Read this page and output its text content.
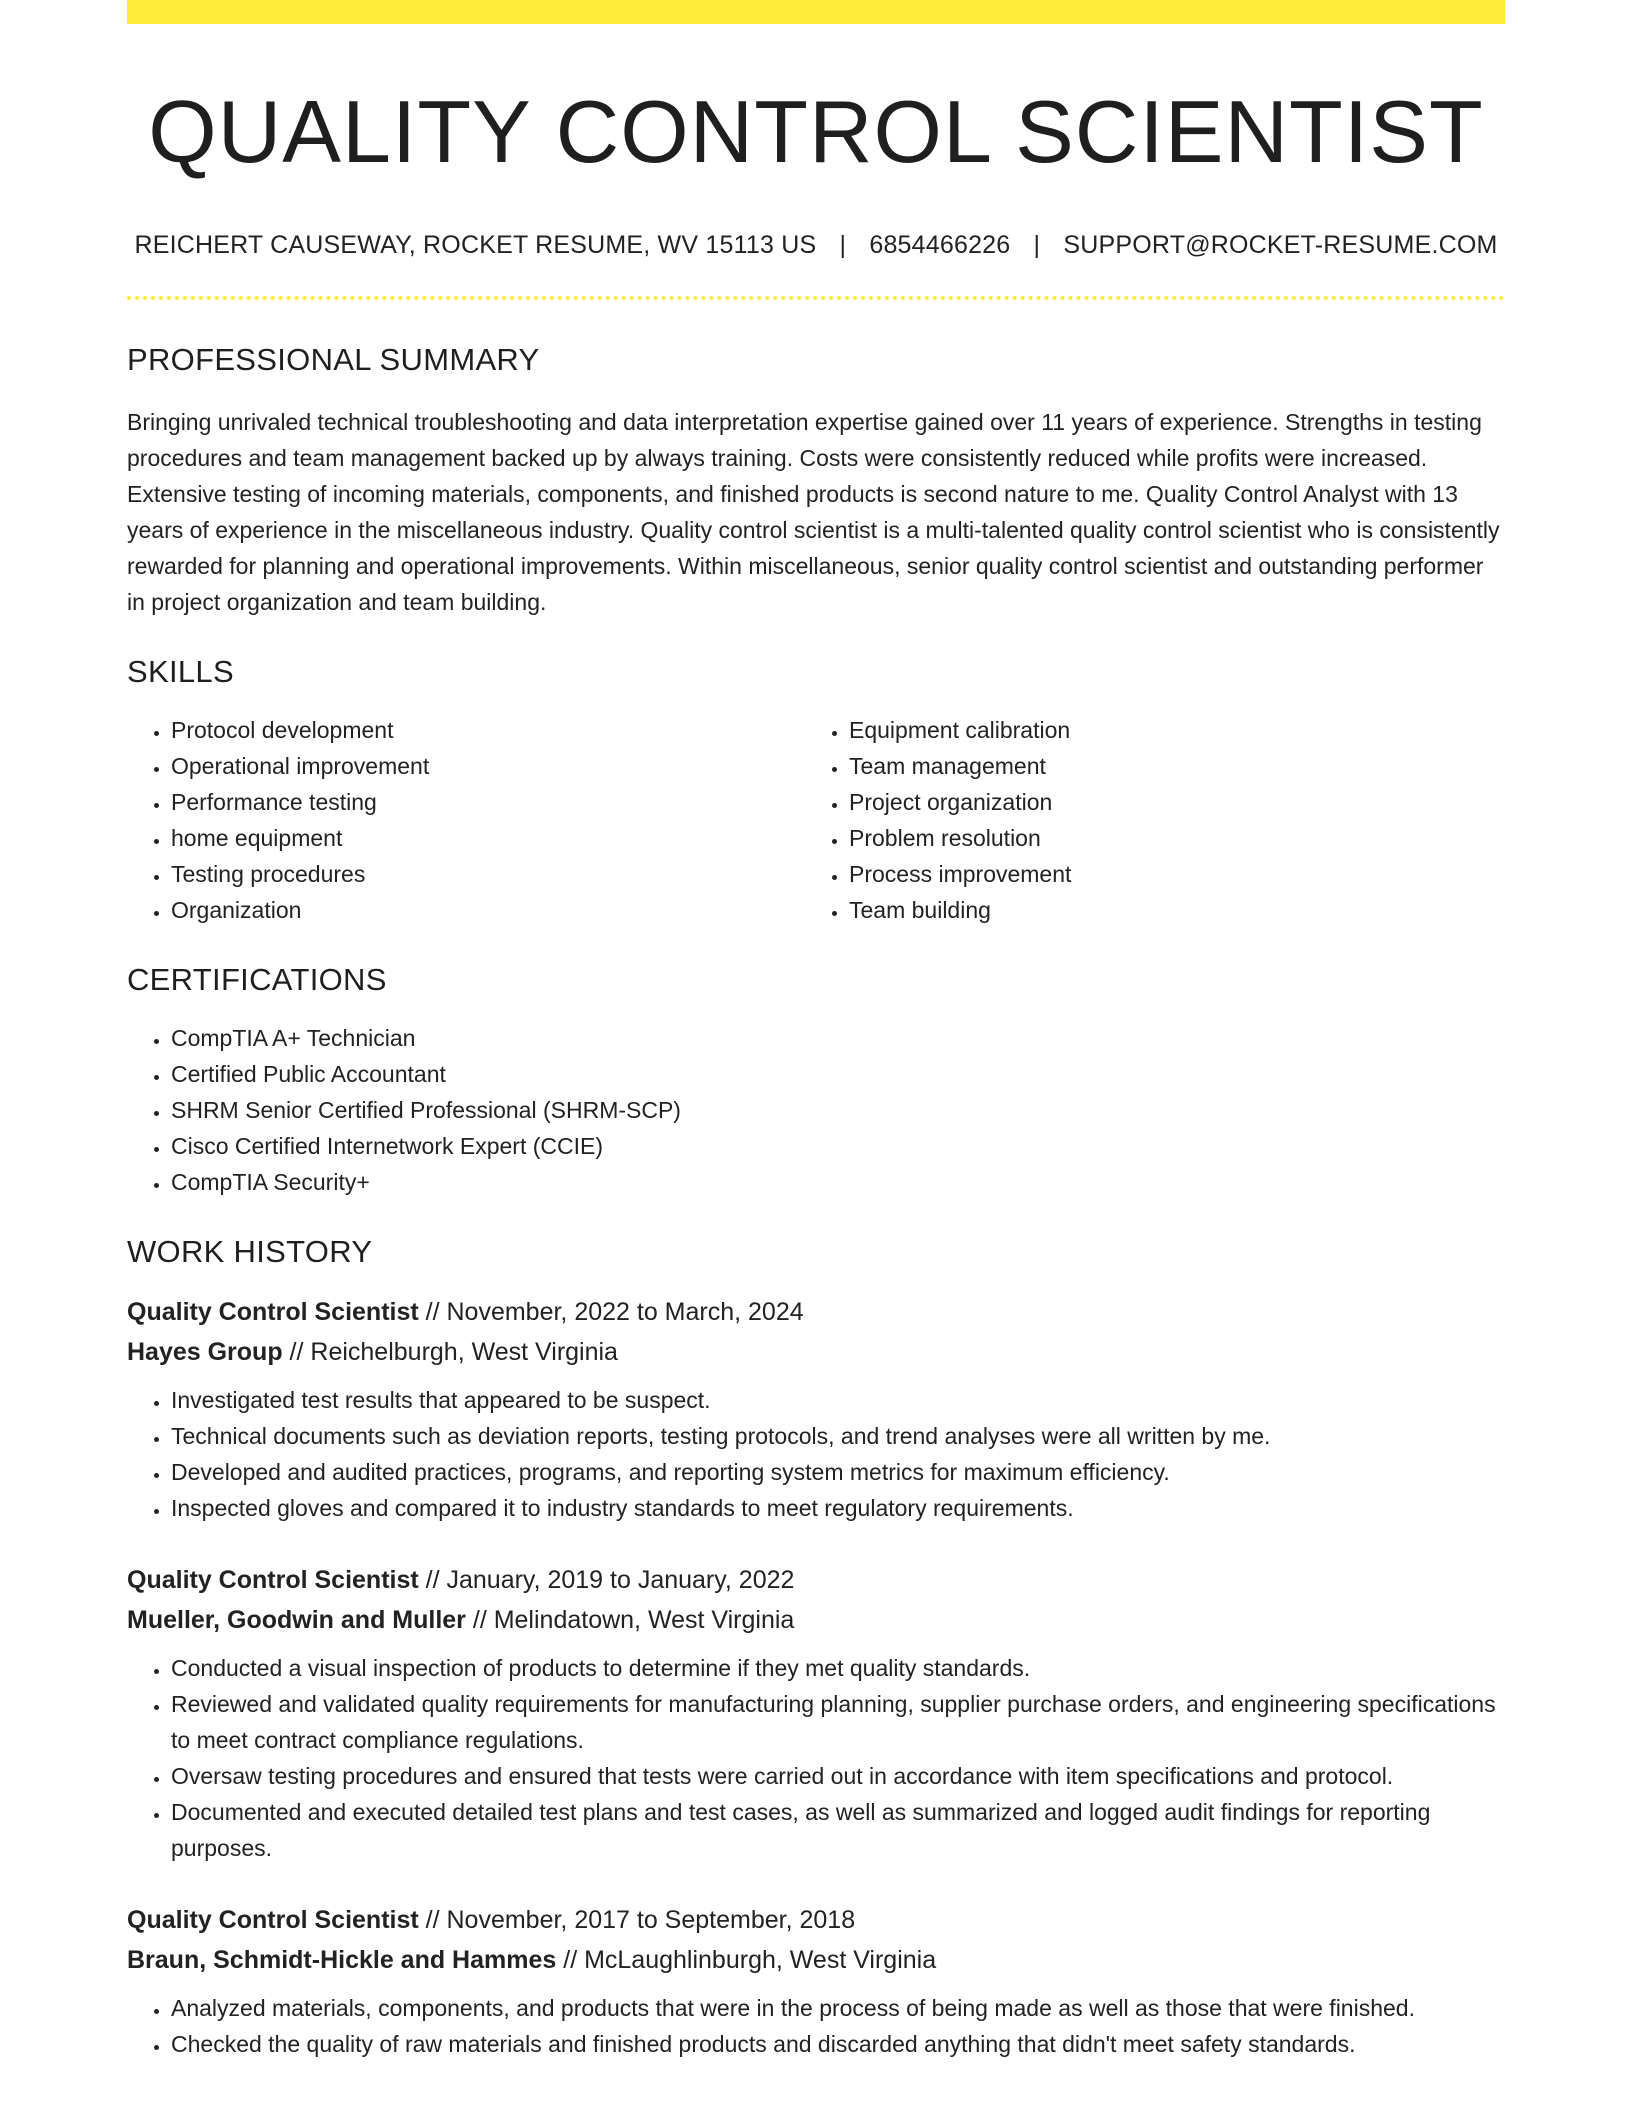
QUALITY CONTROL SCIENTIST
REICHERT CAUSEWAY, ROCKET RESUME, WV 15113 US | 6854466226 | SUPPORT@ROCKET-RESUME.COM
PROFESSIONAL SUMMARY

Bringing unrivaled technical troubleshooting and data interpretation expertise gained over 11 years of experience. Strengths in testing procedures and team management backed up by always training. Costs were consistently reduced while profits were increased. Extensive testing of incoming materials, components, and finished products is second nature to me. Quality Control Analyst with 13 years of experience in the miscellaneous industry. Quality control scientist is a multi-talented quality control scientist who is consistently rewarded for planning and operational improvements. Within miscellaneous, senior quality control scientist and outstanding performer in project organization and team building.

SKILLS
• Protocol development
• Operational improvement
• Performance testing
• home equipment
• Testing procedures
• Organization
• Equipment calibration
• Team management
• Project organization
• Problem resolution
• Process improvement
• Team building
CERTIFICATIONS
• CompTIA A+ Technician
• Certified Public Accountant
• SHRM Senior Certified Professional (SHRM-SCP)
• Cisco Certified Internetwork Expert (CCIE)
• CompTIA Security+
WORK HISTORY
Quality Control Scientist // November, 2022 to March, 2024
Hayes Group // Reichelburgh, West Virginia
• Investigated test results that appeared to be suspect.
• Technical documents such as deviation reports, testing protocols, and trend analyses were all written by me.
• Developed and audited practices, programs, and reporting system metrics for maximum efficiency.
• Inspected gloves and compared it to industry standards to meet regulatory requirements.
Quality Control Scientist // January, 2019 to January, 2022
Mueller, Goodwin and Muller // Melindatown, West Virginia
• Conducted a visual inspection of products to determine if they met quality standards.
• Reviewed and validated quality requirements for manufacturing planning, supplier purchase orders, and engineering specifications to meet contract compliance regulations.
• Oversaw testing procedures and ensured that tests were carried out in accordance with item specifications and protocol.
• Documented and executed detailed test plans and test cases, as well as summarized and logged audit findings for reporting purposes.
Quality Control Scientist // November, 2017 to September, 2018
Braun, Schmidt-Hickle and Hammes // McLaughlinburgh, West Virginia
• Analyzed materials, components, and products that were in the process of being made as well as those that were finished.
• Checked the quality of raw materials and finished products and discarded anything that didn't meet safety standards.
